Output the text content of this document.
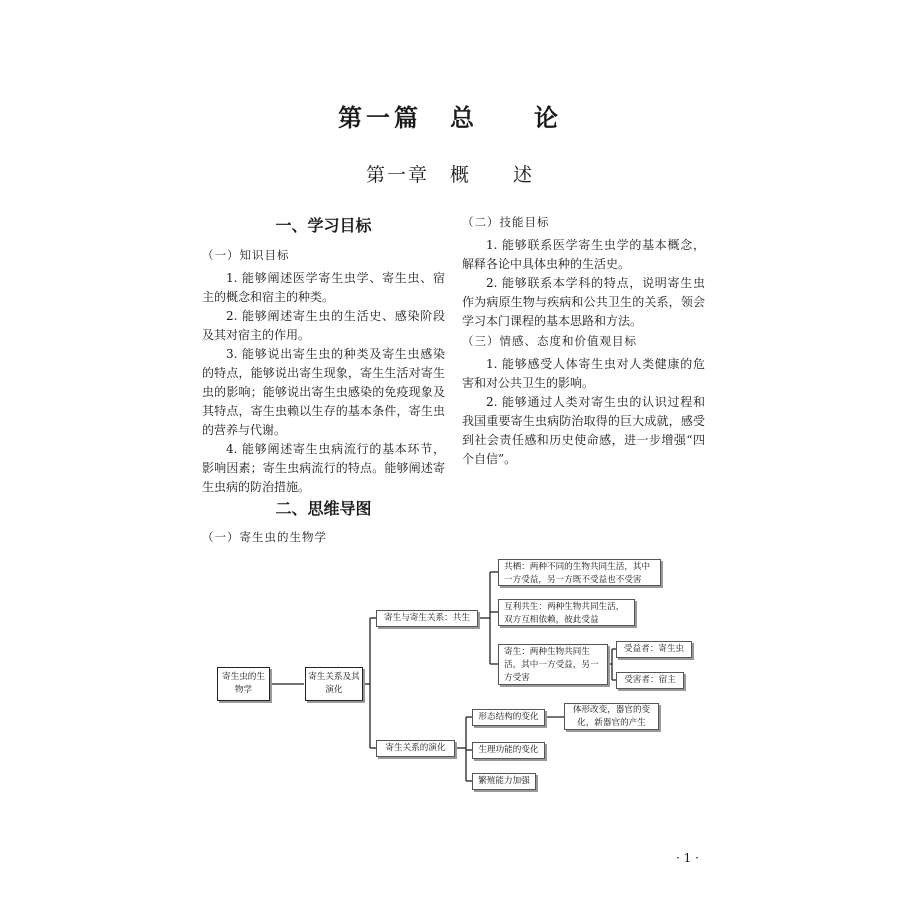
第一篇　总　　论
第一章　概　　述
一、学习目标
（一）知识目标

1. 能够阐述医学寄生虫学、寄生虫、宿主的概念和宿主的种类。

2. 能够阐述寄生虫的生活史、感染阶段及其对宿主的作用。

3. 能够说出寄生虫的种类及寄生虫感染的特点，能够说出寄生现象，寄生生活对寄生虫的影响；能够说出寄生虫感染的免疫现象及其特点，寄生虫赖以生存的基本条件，寄生虫的营养与代谢。

4. 能够阐述寄生虫病流行的基本环节，影响因素；寄生虫病流行的特点。能够阐述寄生虫病的防治措施。

（二）技能目标

1. 能够联系医学寄生虫学的基本概念，解释各论中具体虫种的生活史。

2. 能够联系本学科的特点，说明寄生虫作为病原生物与疾病和公共卫生的关系，领会学习本门课程的基本思路和方法。

（三）情感、态度和价值观目标

1. 能够感受人体寄生虫对人类健康的危害和对公共卫生的影响。

2. 能够通过人类对寄生虫的认识过程和我国重要寄生虫病防治取得的巨大成就，感受到社会责任感和历史使命感，进一步增强“四个自信”。

二、思维导图
（一）寄生虫的生物学
寄生虫的生物学
寄生关系及其演化
寄生与寄生关系：共生
寄生关系的演化
共栖：两种不同的生物共同生活，其中一方受益，另一方既不受益也不受害
互利共生：两种生物共同生活，双方互相依赖，彼此受益
寄生：两种生物共同生活，其中一方受益，另一方受害
受益者：寄生虫
受害者：宿主
形态结构的变化
体形改变，器官的变化，新器官的产生
生理功能的变化
繁殖能力加强
· 1 ·
